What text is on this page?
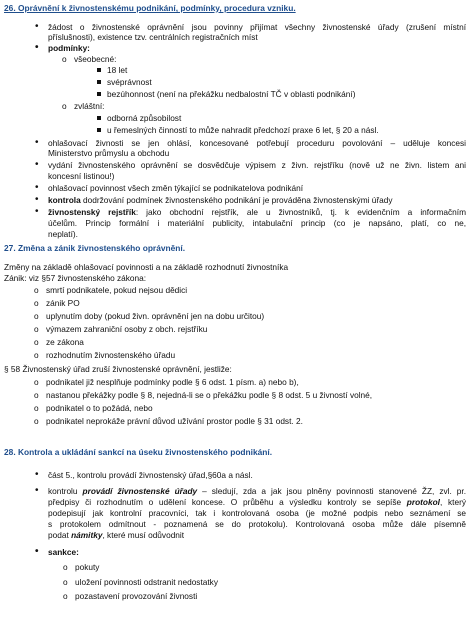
26. Oprávnění k živnostenskému podnikání, podmínky, procedura vzniku.
• žádost o živnostenské oprávnění jsou povinny přijímat všechny živnostenské úřady (zrušení místní
příslušnosti), existence tzv. centrálních registračních míst
• podmínky:
o všeobecné:
18 let
svéprávnost
bezúhonnost (není na překážku nedbalostní TČ v oblasti podnikání)
o zvláštní:
odborná způsobilost
u řemeslných činností to může nahradit předchozí praxe 6 let, § 20 a násl.
• ohlašovací živnosti se jen ohlásí, koncesované potřebují proceduru povolování – uděluje koncesi
Ministerstvo průmyslu a obchodu
• vydání živnostenského oprávnění se dosvědčuje výpisem z živn. rejstříku (nově už ne živn. listem ani
koncesní listinou!)
• ohlašovací povinnost všech změn týkající se podnikatelova podnikání
• kontrola dodržování podmínek živnostenského podnikání je prováděna živnostenskými úřady
• živnostenský rejstřík: jako obchodní rejstřík, ale u živnostníků, tj. k evidenčním a informačním
účelům. Princip formální i materiální publicity, intabulační princip (co je napsáno, platí, co ne,
neplatí).
27. Změna a zánik živnostenského oprávnění.
Změny na základě ohlašovací povinnosti a na základě rozhodnutí živnostníka
Zánik: viz §57 živnostenského zákona:
o smrtí podnikatele, pokud nejsou dědici
o zánik PO
o uplynutím doby (pokud živn. oprávnění jen na dobu určitou)
o výmazem zahraniční osoby z obch. rejstříku
o ze zákona
o rozhodnutím živnostenského úřadu
§ 58 Živnostenský úřad zruší živnostenské oprávnění, jestliže:
o podnikatel již nesplňuje podmínky podle § 6 odst. 1 písm. a) nebo b),
o nastanou překážky podle § 8, nejedná-li se o překážku podle § 8 odst. 5 u živností volné,
o podnikatel o to požádá, nebo
o podnikatel neprokáže právní důvod užívání prostor podle § 31 odst. 2.
28. Kontrola a ukládání sankcí na úseku živnostenského podnikání.
• část 5., kontrolu provádí živnostenský úřad,§60a a násl.
• kontrolu provádí živnostenské úřady – sledují, zda a jak jsou plněny povinnosti stanovené ŽZ, zvl. pr.
předpisy či rozhodnutím o udělení koncese. O průběhu a výsledku kontroly se sepíše protokol, který
podepisují jak kontrolní pracovníci, tak i kontrolovaná osoba (je možné podpis nebo seznámení se
s protokolem odmítnout - poznamená se do protokolu). Kontrolovaná osoba může dále písemně
podat námitky, které musí odůvodnit
• sankce:
o pokuty
o uložení povinnosti odstranit nedostatky
o pozastavení provozování živnosti
